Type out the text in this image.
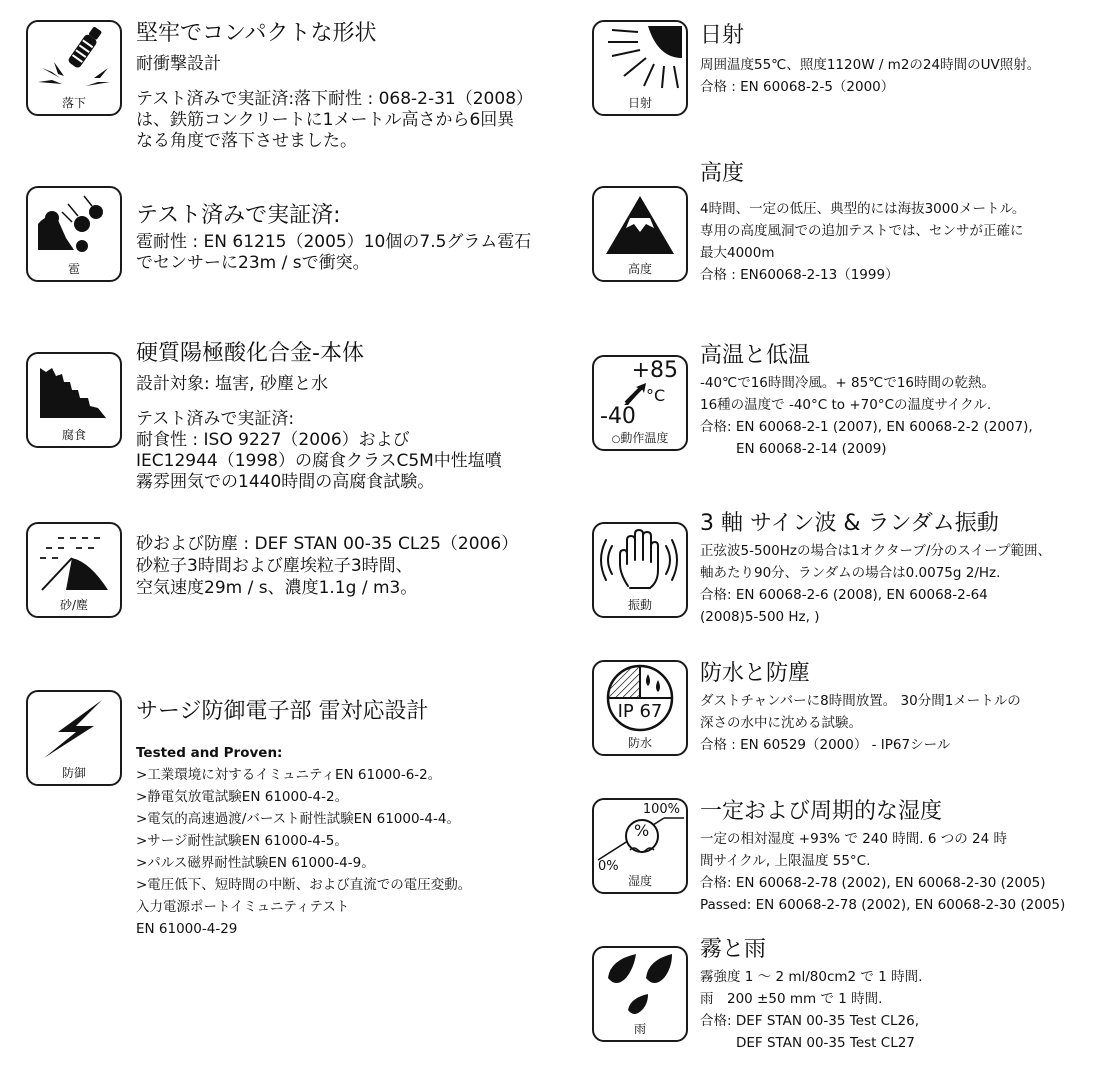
落下
堅牢でコンパクトな形状
耐衝撃設計
テスト済みで実証済:落下耐性 : 068-2-31（2008）
は、鉄筋コンクリートに1メートル高さから6回異
なる角度で落下させました。
雹
テスト済みで実証済:
雹耐性 : EN 61215（2005）10個の7.5グラム雹石
でセンサーに23m / sで衝突。
腐食
硬質陽極酸化合金-本体
設計対象: 塩害, 砂塵と水
テスト済みで実証済:
耐食性 : ISO 9227（2006）および
IEC12944（1998）の腐食クラスC5M中性塩噴
霧雰囲気での1440時間の高腐食試験。
砂/塵
砂および防塵 : DEF STAN 00-35 CL25（2006）
砂粒子3時間および塵埃粒子3時間、
空気速度29m / s、濃度1.1g / m3。
防御
サージ防御電子部 雷対応設計
Tested and Proven:
>工業環境に対するイミュニティEN 61000-6-2。
>静電気放電試験EN 61000-4-2。
>電気的高速過渡/バースト耐性試験EN 61000-4-4。
>サージ耐性試験EN 61000-4-5。
>パルス磁界耐性試験EN 61000-4-9。
>電圧低下、短時間の中断、および直流での電圧変動。
入力電源ポートイミュニティテスト
EN 61000-4-29
日射
日射
周囲温度55℃、照度1120W / m2の24時間のUV照射。
合格 : EN 60068-2-5（2000）
高度
高度
4時間、一定の低圧、典型的には海抜3000メートル。
専用の高度風洞での追加テストでは、センサが正確に
最大4000m
合格 : EN60068-2-13（1999）
+85
°C
-40
○動作温度
高温と低温
-40℃で16時間冷風。+ 85℃で16時間の乾熱。
16種の温度で -40°C to +70°Cの温度サイクル.
合格: EN 60068-2-1 (2007), EN 60068-2-2 (2007),
EN 60068-2-14 (2009)
振動
3 軸 サイン波 & ランダム振動
正弦波5-500Hzの場合は1オクターブ/分のスイープ範囲、
軸あたり90分、ランダムの場合は0.0075g 2/Hz.
合格: EN 60068-2-6 (2008), EN 60068-2-64
(2008)5-500 Hz, )
IP 67
防水
防水と防塵
ダストチャンバーに8時間放置。 30分間1メートルの
深さの水中に沈める試験。
合格 : EN 60529（2000） - IP67シール
100%
%
0%
湿度
一定および周期的な湿度
一定の相対湿度 +93% で 240 時間. 6 つの 24 時
間サイクル, 上限温度 55°C.
合格: EN 60068-2-78 (2002), EN 60068-2-30 (2005)
Passed: EN 60068-2-78 (2002), EN 60068-2-30 (2005)
雨
霧と雨
霧強度 1 ～ 2 ml/80cm2 で 1 時間.
雨　200 ±50 mm で 1 時間.
合格: DEF STAN 00-35 Test CL26,
DEF STAN 00-35 Test CL27
